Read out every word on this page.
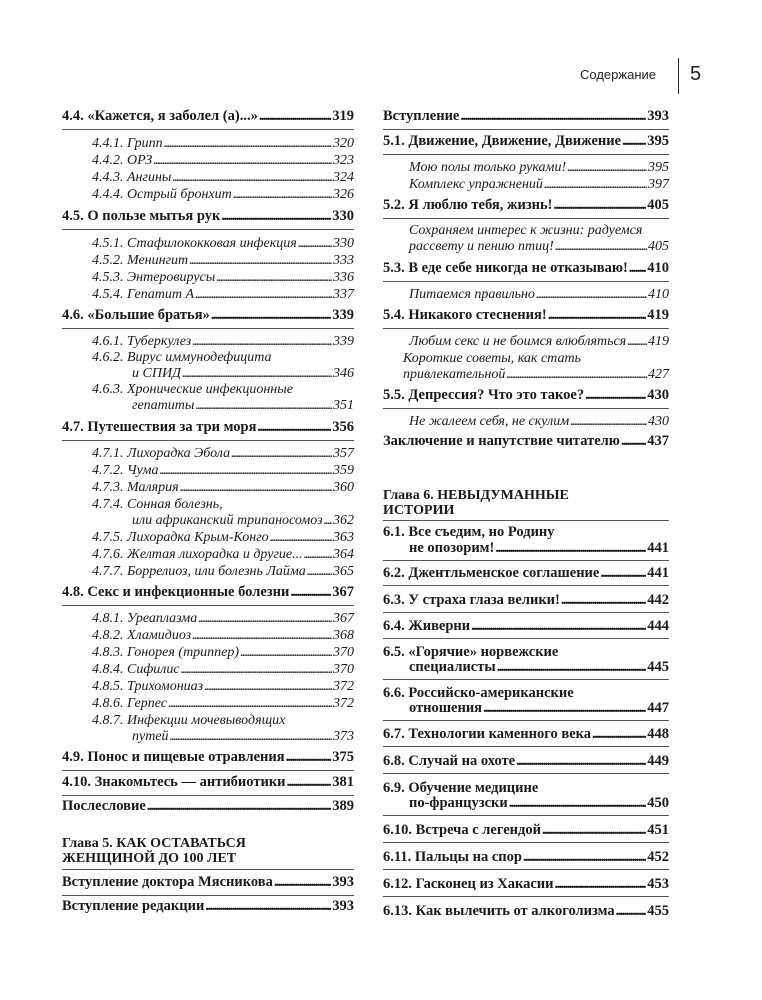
Содержание 5
4.4. «Кажется, я заболел (а)...» . . .	319
4.4.1. Грипп . . .	320
4.4.2. ОРЗ . . .	323
4.4.3. Ангины . . .	324
4.4.4. Острый бронхит . . .	326
4.5. О пользе мытья рук . . .	330
4.5.1. Стафилококковая инфекция . . .	330
4.5.2. Менингит . . .	333
4.5.3. Энтеровирусы . . .	336
4.5.4. Гепатит А . . .	337
4.6. «Большие братья» . . .	339
4.6.1. Туберкулез . . .	339
4.6.2. Вирус иммунодефицита
и СПИД . . .	346
4.6.3. Хронические инфекционные
гепатиты . . .	351
4.7. Путешествия за три моря . . .	356
4.7.1. Лихорадка Эбола . . .	357
4.7.2. Чума . . .	359
4.7.3. Малярия . . .	360
4.7.4. Сонная болезнь,
или африканский трипаносомоз . . . 362
4.7.5. Лихорадка Крым-Конго . . .	363
4.7.6. Желтая лихорадка и другие... . . . 364
4.7.7. Боррелиоз, или болезнь Лайма . . . 365
4.8. Секс и инфекционные болезни . . .	367
4.8.1. Уреаплазма . . .	367
4.8.2. Хламидиоз . . .	368
4.8.3. Гонорея (триппер) . . .	370
4.8.4. Сифилис . . .	370
4.8.5. Трихомониаз . . .	372
4.8.6. Герпес . . .	372
4.8.7. Инфекции мочевыводящих
путей . . .	373
4.9. Понос и пищевые отравления . . .	375
4.10. Знакомьтесь — антибиотики . . .	381
Послесловие . . .	389
Глава 5. КАК ОСТАВАТЬСЯ
ЖЕНЩИНОЙ ДО 100 ЛЕТ
Вступление доктора Мясникова . . .	393
Вступление редакции . . .	393
Вступление . . .	393
5.1. Движение, Движение, Движение . . . 395
Мою полы только руками! . . .	395
Комплекс упражнений . . .	397
5.2. Я люблю тебя, жизнь! . . .	405
Сохраняем интерес к жизни: радуемся
рассвету и пению птиц! . . .	405
5.3. В еде себе никогда не отказываю! . . . 410
Питаемся правильно . . .	410
5.4. Никакого стеснения! . . .	419
Любим секс и не боимся влюбляться . . . 419
Короткие советы, как стать
привлекательной . . .	427
5.5. Депрессия? Что это такое? . . .	430
Не жалеем себя, не скулим . . .	430
Заключение и напутствие читателю . . . 437
Глава 6. НЕВЫДУМАННЫЕ
ИСТОРИИ
6.1. Все съедим, но Родину
не опозорим! . . .	441
6.2. Джентльменское соглашение . . .	441
6.3. У страха глаза велики! . . .	442
6.4. Живерни . . .	444
6.5. «Горячие» норвежские
специалисты . . .	445
6.6. Российско-американские
отношения . . .	447
6.7. Технологии каменного века . . .	448
6.8. Случай на охоте . . .	449
6.9. Обучение медицине
по-французски . . .	450
6.10. Встреча с легендой . . .	451
6.11. Пальцы на спор . . .	452
6.12. Гасконец из Хакасии . . .	453
6.13. Как вылечить от алкоголизма . . . 455
